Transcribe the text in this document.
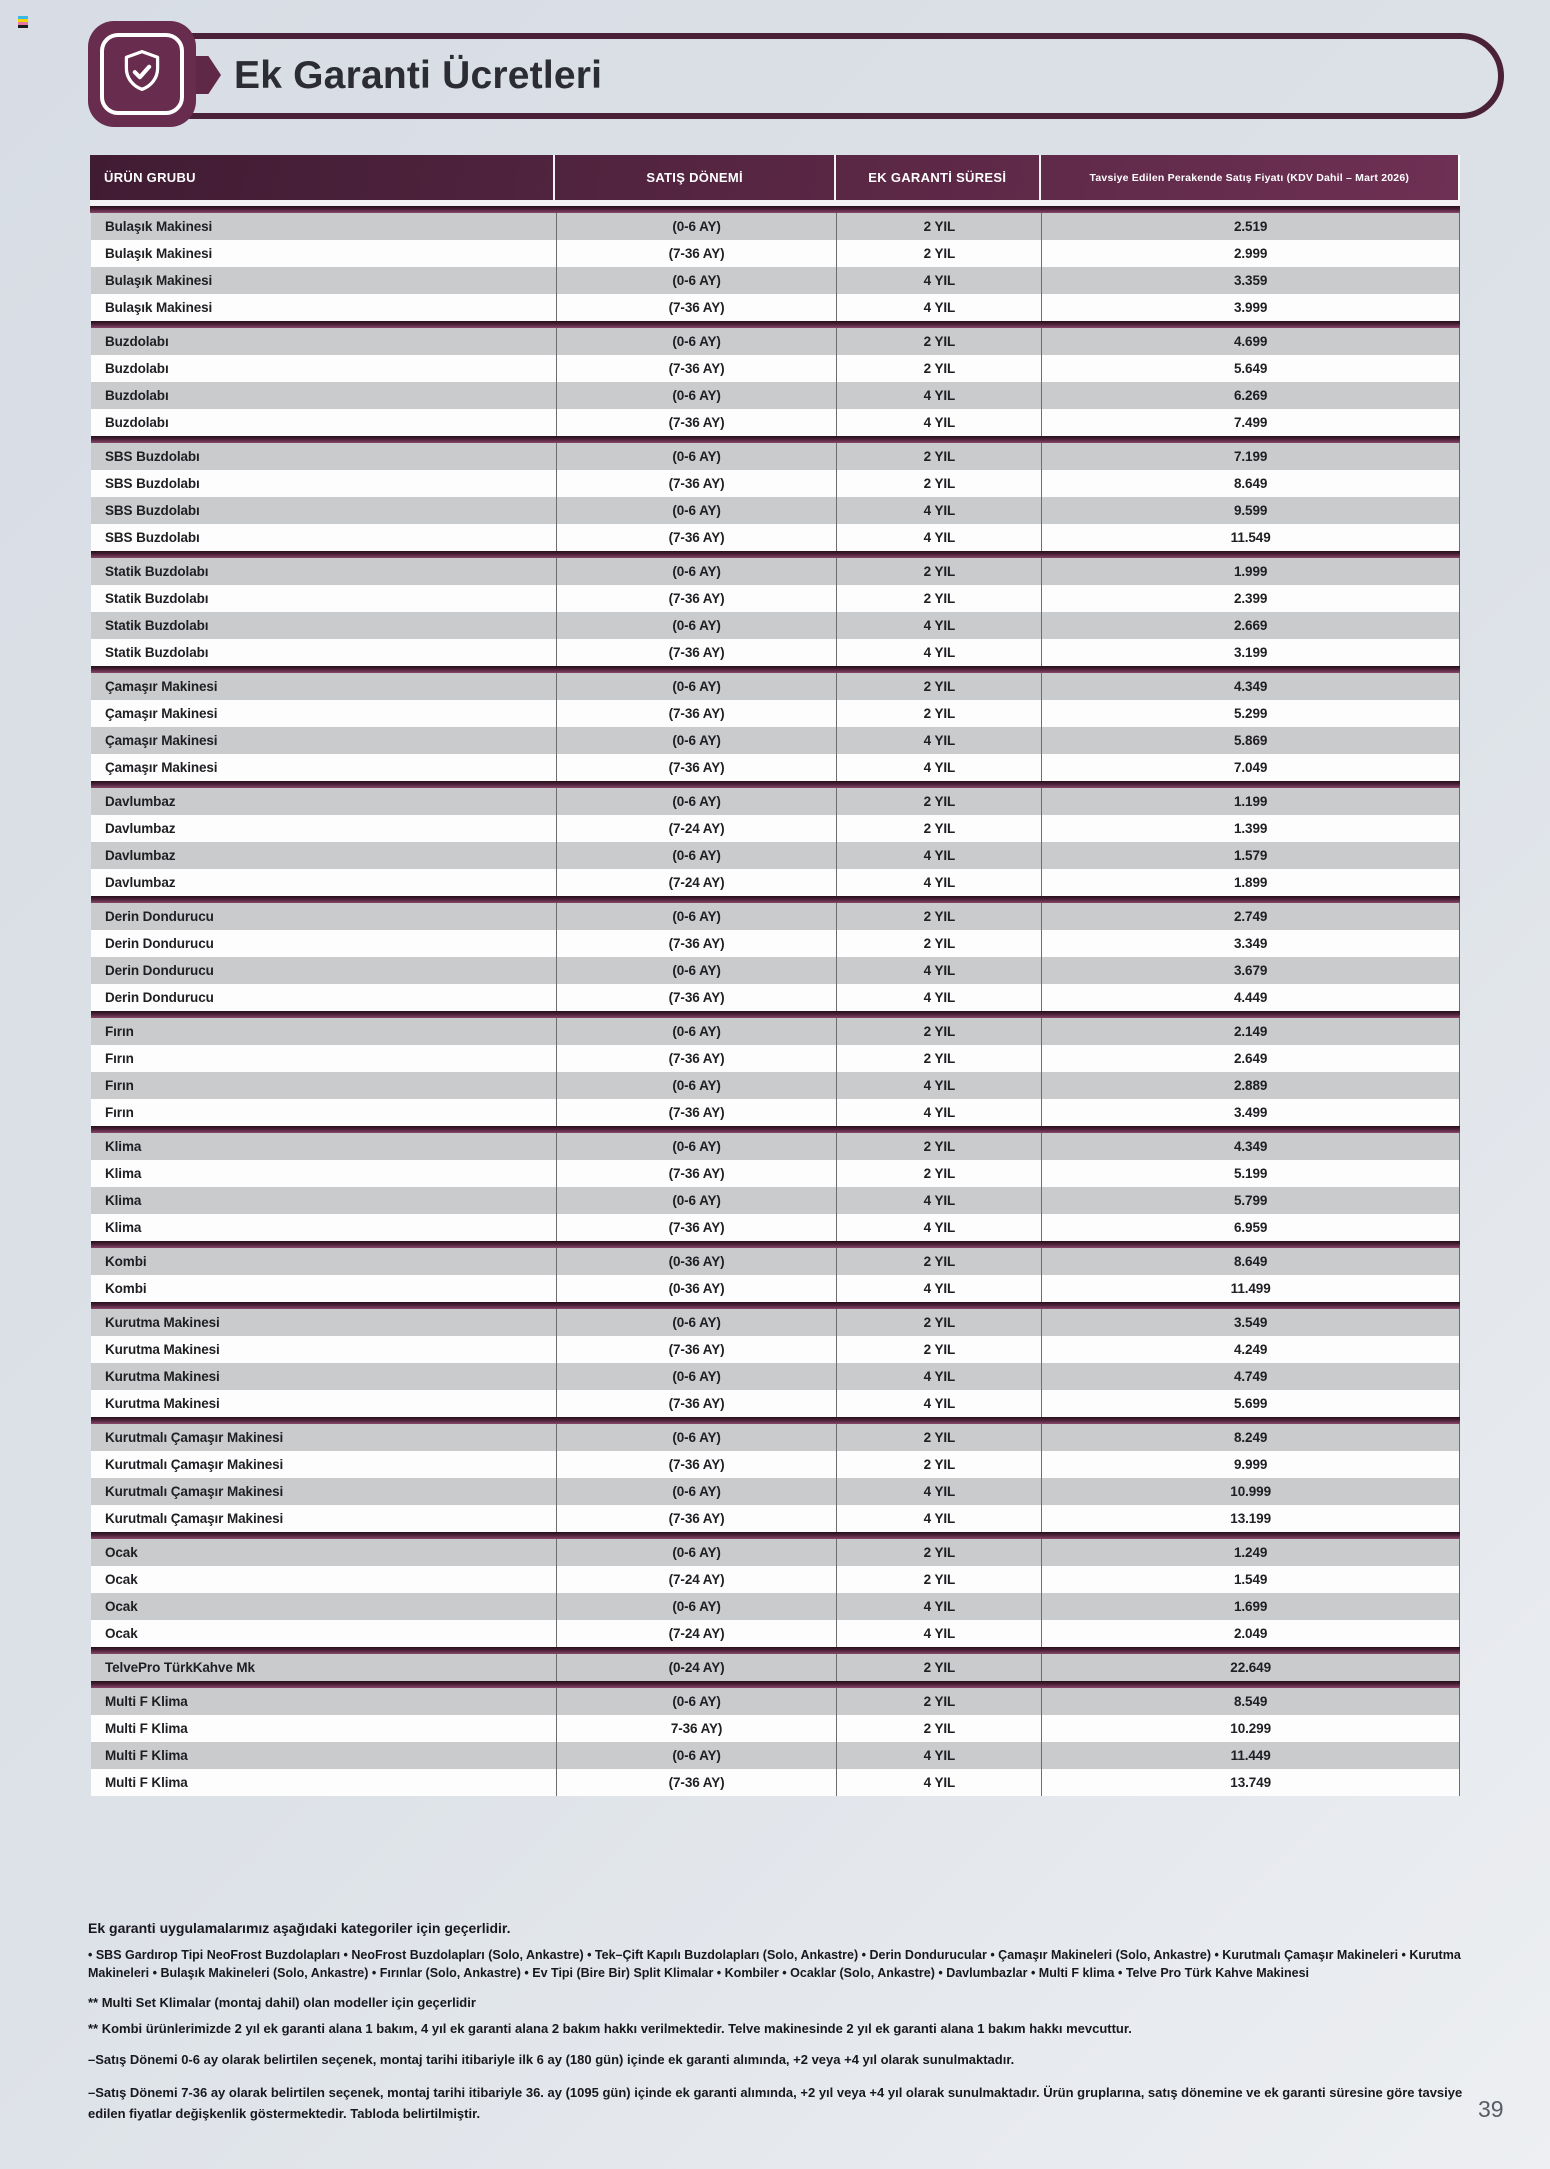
Ek Garanti Ücretleri
ÜRÜN GRUBU	SATIŞ DÖNEMİ	EK GARANTİ SÜRESİ	Tavsiye Edilen Perakende Satış Fiyatı (KDV Dahil – Mart 2026)
Bulaşık Makinesi	(0-6 AY)	2 YIL	2.519
Bulaşık Makinesi	(7-36 AY)	2 YIL	2.999
Bulaşık Makinesi	(0-6 AY)	4 YIL	3.359
Bulaşık Makinesi	(7-36 AY)	4 YIL	3.999
Buzdolabı	(0-6 AY)	2 YIL	4.699
Buzdolabı	(7-36 AY)	2 YIL	5.649
Buzdolabı	(0-6 AY)	4 YIL	6.269
Buzdolabı	(7-36 AY)	4 YIL	7.499
SBS Buzdolabı	(0-6 AY)	2 YIL	7.199
SBS Buzdolabı	(7-36 AY)	2 YIL	8.649
SBS Buzdolabı	(0-6 AY)	4 YIL	9.599
SBS Buzdolabı	(7-36 AY)	4 YIL	11.549
Statik Buzdolabı	(0-6 AY)	2 YIL	1.999
Statik Buzdolabı	(7-36 AY)	2 YIL	2.399
Statik Buzdolabı	(0-6 AY)	4 YIL	2.669
Statik Buzdolabı	(7-36 AY)	4 YIL	3.199
Çamaşır Makinesi	(0-6 AY)	2 YIL	4.349
Çamaşır Makinesi	(7-36 AY)	2 YIL	5.299
Çamaşır Makinesi	(0-6 AY)	4 YIL	5.869
Çamaşır Makinesi	(7-36 AY)	4 YIL	7.049
Davlumbaz	(0-6 AY)	2 YIL	1.199
Davlumbaz	(7-24 AY)	2 YIL	1.399
Davlumbaz	(0-6 AY)	4 YIL	1.579
Davlumbaz	(7-24 AY)	4 YIL	1.899
Derin Dondurucu	(0-6 AY)	2 YIL	2.749
Derin Dondurucu	(7-36 AY)	2 YIL	3.349
Derin Dondurucu	(0-6 AY)	4 YIL	3.679
Derin Dondurucu	(7-36 AY)	4 YIL	4.449
Fırın	(0-6 AY)	2 YIL	2.149
Fırın	(7-36 AY)	2 YIL	2.649
Fırın	(0-6 AY)	4 YIL	2.889
Fırın	(7-36 AY)	4 YIL	3.499
Klima	(0-6 AY)	2 YIL	4.349
Klima	(7-36 AY)	2 YIL	5.199
Klima	(0-6 AY)	4 YIL	5.799
Klima	(7-36 AY)	4 YIL	6.959
Kombi	(0-36 AY)	2 YIL	8.649
Kombi	(0-36 AY)	4 YIL	11.499
Kurutma Makinesi	(0-6 AY)	2 YIL	3.549
Kurutma Makinesi	(7-36 AY)	2 YIL	4.249
Kurutma Makinesi	(0-6 AY)	4 YIL	4.749
Kurutma Makinesi	(7-36 AY)	4 YIL	5.699
Kurutmalı Çamaşır Makinesi	(0-6 AY)	2 YIL	8.249
Kurutmalı Çamaşır Makinesi	(7-36 AY)	2 YIL	9.999
Kurutmalı Çamaşır Makinesi	(0-6 AY)	4 YIL	10.999
Kurutmalı Çamaşır Makinesi	(7-36 AY)	4 YIL	13.199
Ocak	(0-6 AY)	2 YIL	1.249
Ocak	(7-24 AY)	2 YIL	1.549
Ocak	(0-6 AY)	4 YIL	1.699
Ocak	(7-24 AY)	4 YIL	2.049
TelvePro TürkKahve Mk	(0-24 AY)	2 YIL	22.649
Multi F Klima	(0-6 AY)	2 YIL	8.549
Multi F Klima	7-36 AY)	2 YIL	10.299
Multi F Klima	(0-6 AY)	4 YIL	11.449
Multi F Klima	(7-36 AY)	4 YIL	13.749
Ek garanti uygulamalarımız aşağıdaki kategoriler için geçerlidir.
• SBS Gardırop Tipi NeoFrost Buzdolapları • NeoFrost Buzdolapları (Solo, Ankastre) • Tek–Çift Kapılı Buzdolapları (Solo, Ankastre) • Derin Dondurucular • Çamaşır Makineleri (Solo, Ankastre) • Kurutmalı Çamaşır Makineleri • Kurutma Makineleri • Bulaşık Makineleri (Solo, Ankastre) • Fırınlar (Solo, Ankastre) • Ev Tipi (Bire Bir) Split Klimalar • Kombiler • Ocaklar (Solo, Ankastre) • Davlumbazlar • Multi F klima • Telve Pro Türk Kahve Makinesi
** Multi Set Klimalar (montaj dahil) olan modeller için geçerlidir
** Kombi ürünlerimizde 2 yıl ek garanti alana 1 bakım, 4 yıl ek garanti alana 2 bakım hakkı verilmektedir. Telve makinesinde 2 yıl ek garanti alana 1 bakım hakkı mevcuttur.
–Satış Dönemi 0-6 ay olarak belirtilen seçenek, montaj tarihi itibariyle ilk 6 ay (180 gün) içinde ek garanti alımında, +2 veya +4 yıl olarak sunulmaktadır.
–Satış Dönemi 7-36 ay olarak belirtilen seçenek, montaj tarihi itibariyle 36. ay (1095 gün) içinde ek garanti alımında, +2 yıl veya +4 yıl olarak sunulmaktadır. Ürün gruplarına, satış dönemine ve ek garanti süresine göre tavsiye edilen fiyatlar değişkenlik göstermektedir. Tabloda belirtilmiştir.	39
